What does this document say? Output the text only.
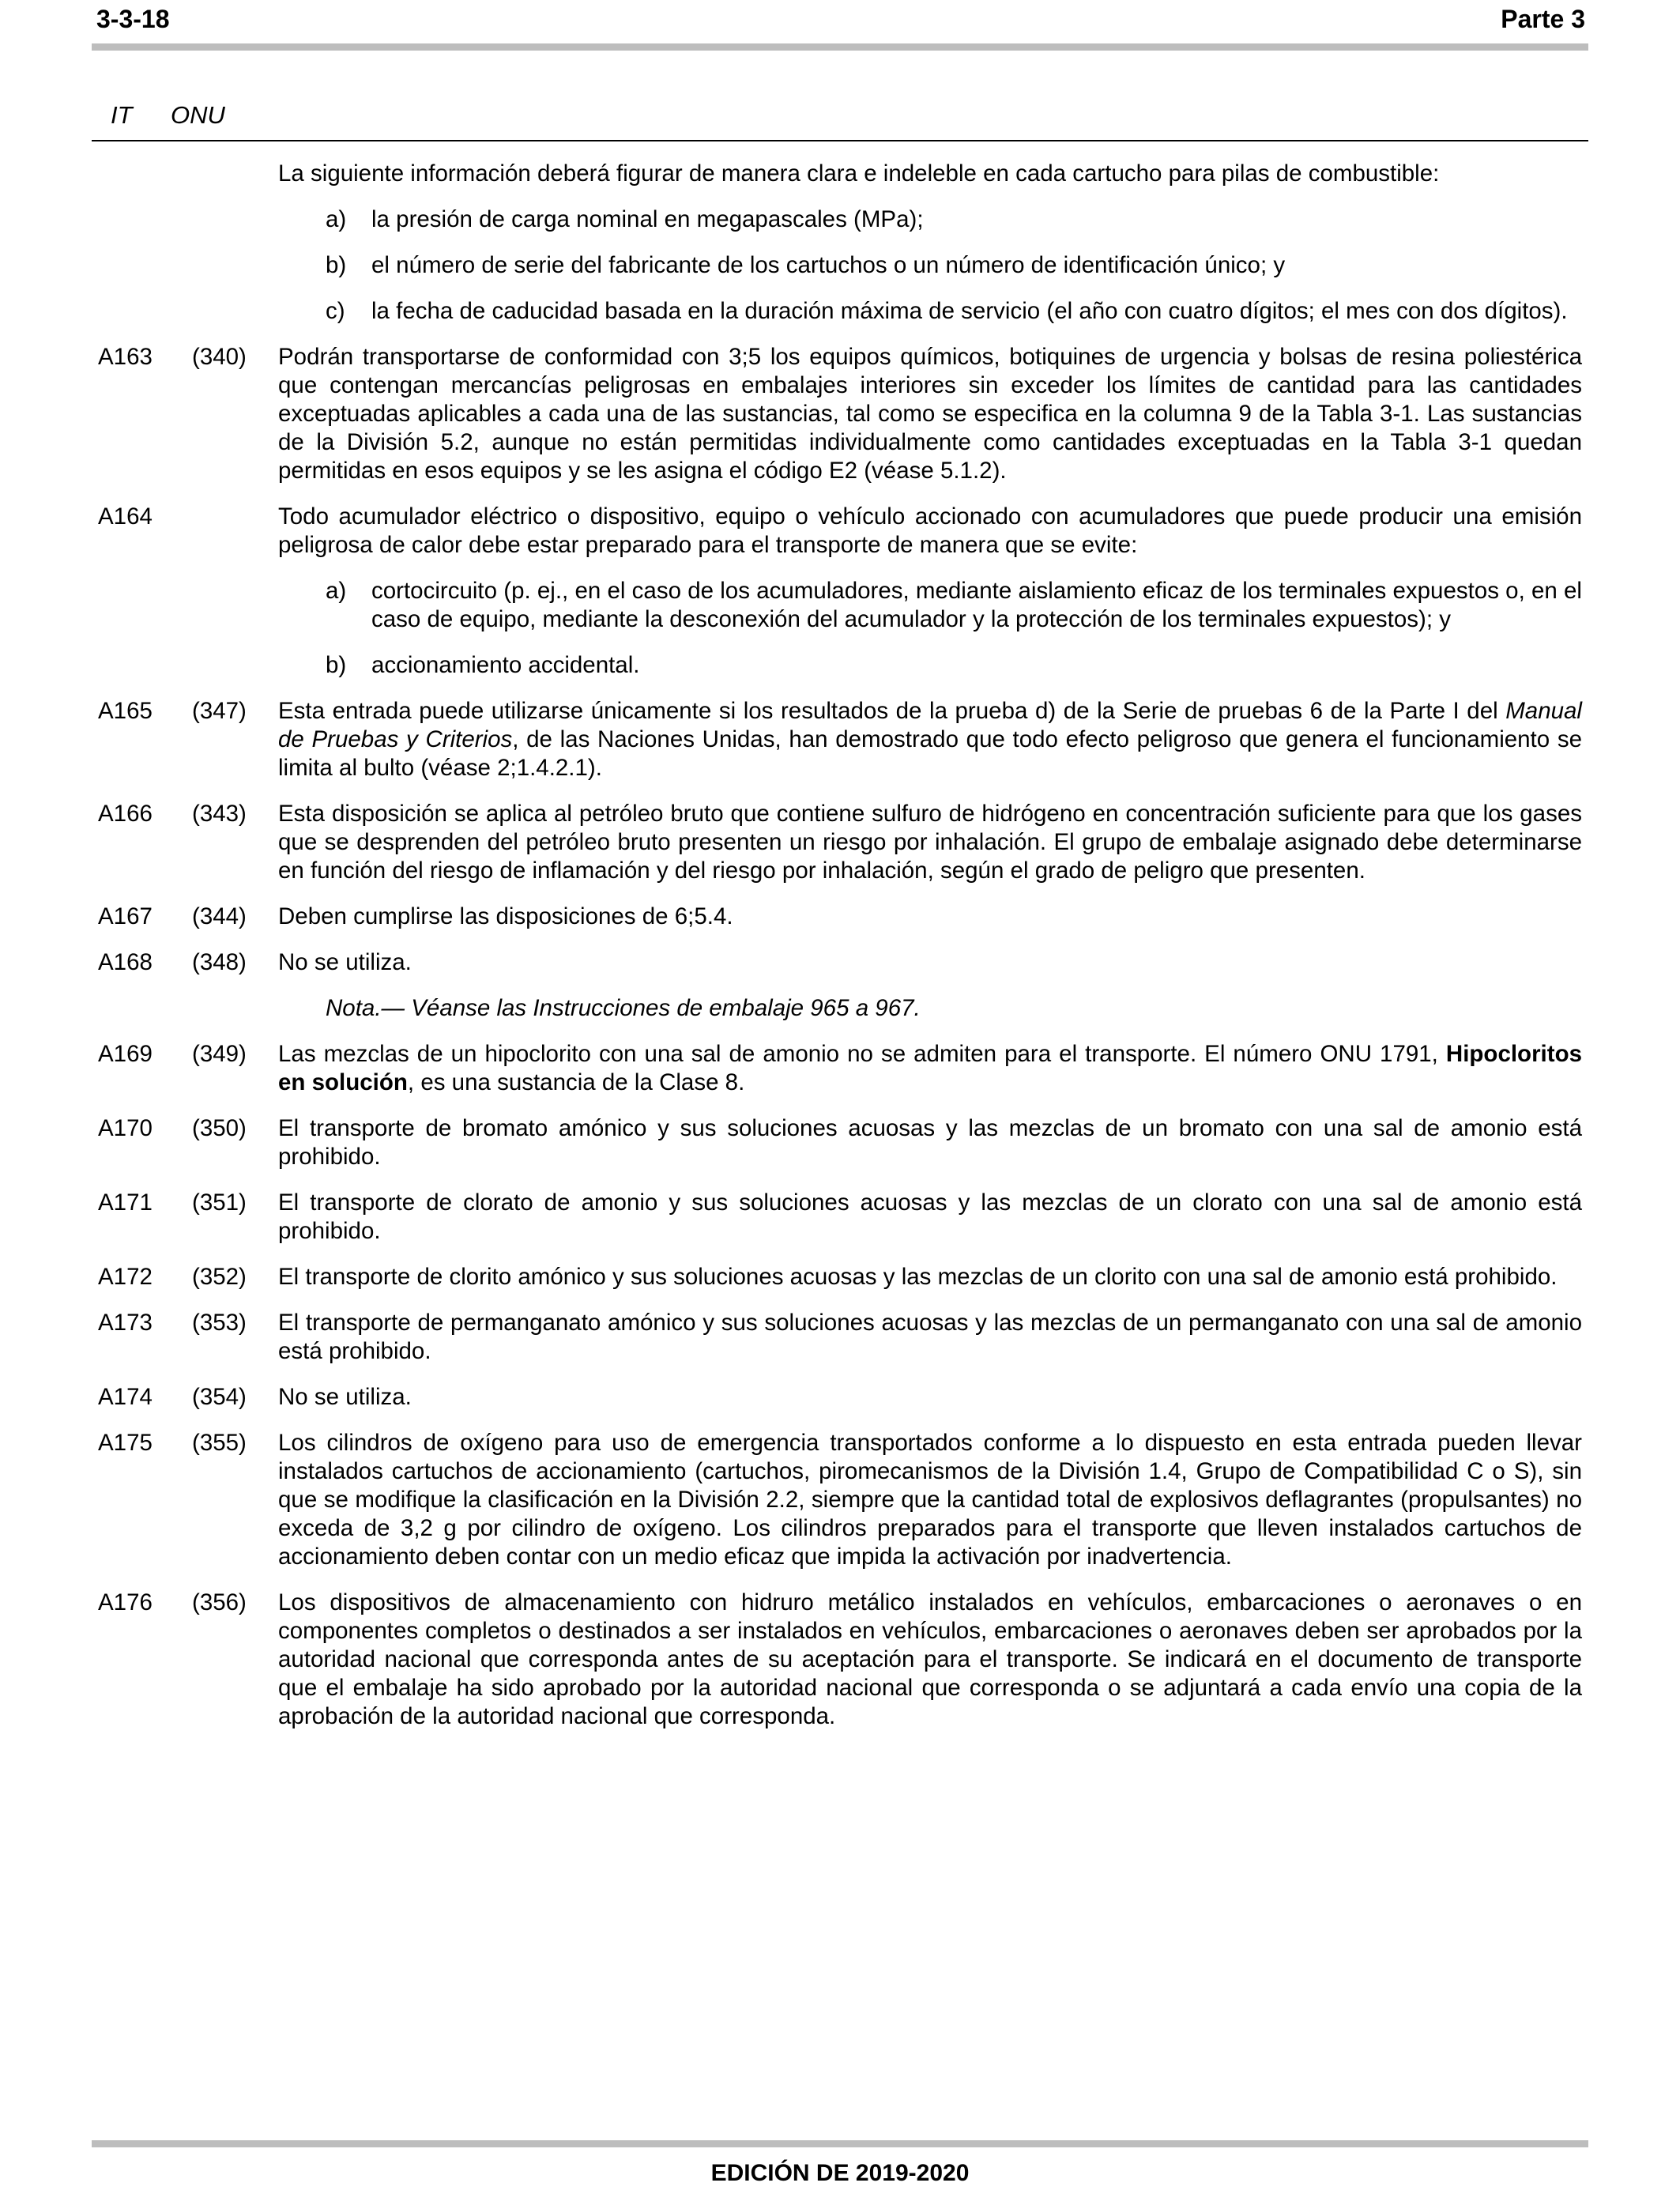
3-3-18	Parte 3
IT ONU

La siguiente información deberá figurar de manera clara e indeleble en cada cartucho para pilas de combustible:

a) la presión de carga nominal en megapascales (MPa);
b) el número de serie del fabricante de los cartuchos o un número de identificación único; y
c) la fecha de caducidad basada en la duración máxima de servicio (el año con cuatro dígitos; el mes con dos dígitos).
A163 (340) Podrán transportarse de conformidad con 3;5 los equipos químicos, botiquines de urgencia y bolsas de resina poliestérica que contengan mercancías peligrosas en embalajes interiores sin exceder los límites de cantidad para las cantidades exceptuadas aplicables a cada una de las sustancias, tal como se especifica en la columna 9 de la Tabla 3-1. Las sustancias de la División 5.2, aunque no están permitidas individualmente como cantidades exceptuadas en la Tabla 3-1 quedan permitidas en esos equipos y se les asigna el código E2 (véase 5.1.2).

A164	Todo acumulador eléctrico o dispositivo, equipo o vehículo accionado con acumuladores que puede producir una emisión peligrosa de calor debe estar preparado para el transporte de manera que se evite:

a) cortocircuito (p. ej., en el caso de los acumuladores, mediante aislamiento eficaz de los terminales expuestos o, en el caso de equipo, mediante la desconexión del acumulador y la protección de los terminales expuestos); y
b) accionamiento accidental.
A165 (347) Esta entrada puede utilizarse únicamente si los resultados de la prueba d) de la Serie de pruebas 6 de la Parte I del Manual de Pruebas y Criterios, de las Naciones Unidas, han demostrado que todo efecto peligroso que genera el funcionamiento se limita al bulto (véase 2;1.4.2.1).

A166 (343) Esta disposición se aplica al petróleo bruto que contiene sulfuro de hidrógeno en concentración suficiente para que los gases que se desprenden del petróleo bruto presenten un riesgo por inhalación. El grupo de embalaje asignado debe determinarse en función del riesgo de inflamación y del riesgo por inhalación, según el grado de peligro que presenten.

A167 (344) Deben cumplirse las disposiciones de 6;5.4.

A168 (348) No se utiliza.

Nota.— Véanse las Instrucciones de embalaje 965 a 967.

A169 (349) Las mezclas de un hipoclorito con una sal de amonio no se admiten para el transporte. El número ONU 1791, Hipocloritos en solución, es una sustancia de la Clase 8.

A170 (350) El transporte de bromato amónico y sus soluciones acuosas y las mezclas de un bromato con una sal de amonio está prohibido.

A171 (351) El transporte de clorato de amonio y sus soluciones acuosas y las mezclas de un clorato con una sal de amonio está prohibido.

A172 (352) El transporte de clorito amónico y sus soluciones acuosas y las mezclas de un clorito con una sal de amonio está prohibido.

A173 (353) El transporte de permanganato amónico y sus soluciones acuosas y las mezclas de un permanganato con una sal de amonio está prohibido.

A174 (354) No se utiliza.

A175 (355) Los cilindros de oxígeno para uso de emergencia transportados conforme a lo dispuesto en esta entrada pueden llevar instalados cartuchos de accionamiento (cartuchos, piromecanismos de la División 1.4, Grupo de Compatibilidad C o S), sin que se modifique la clasificación en la División 2.2, siempre que la cantidad total de explosivos deflagrantes (propulsantes) no exceda de 3,2 g por cilindro de oxígeno. Los cilindros preparados para el transporte que lleven instalados cartuchos de accionamiento deben contar con un medio eficaz que impida la activación por inadvertencia.

A176 (356) Los dispositivos de almacenamiento con hidruro metálico instalados en vehículos, embarcaciones o aeronaves o en componentes completos o destinados a ser instalados en vehículos, embarcaciones o aeronaves deben ser aprobados por la autoridad nacional que corresponda antes de su aceptación para el transporte. Se indicará en el documento de transporte que el embalaje ha sido aprobado por la autoridad nacional que corresponda o se adjuntará a cada envío una copia de la aprobación de la autoridad nacional que corresponda.

EDICIÓN DE 2019-2020
